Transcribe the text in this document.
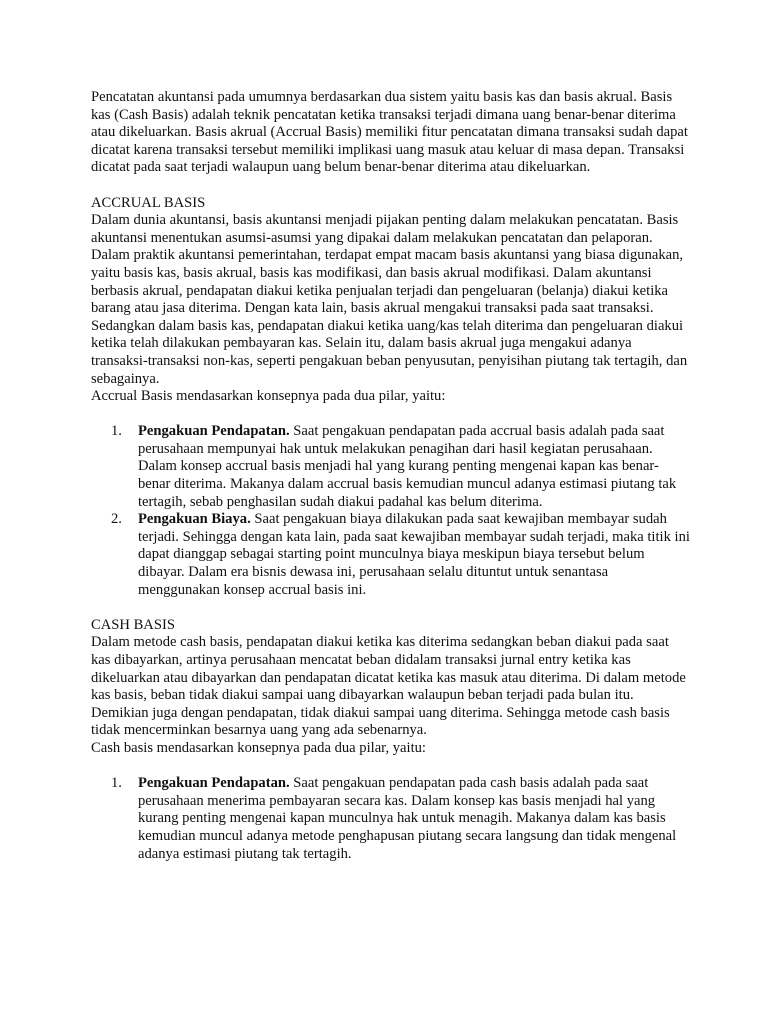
Pencatatan akuntansi pada umumnya berdasarkan dua sistem yaitu basis kas dan basis akrual. Basis kas (Cash Basis) adalah teknik pencatatan ketika transaksi terjadi dimana uang benar-benar diterima atau dikeluarkan. Basis akrual (Accrual Basis) memiliki fitur pencatatan dimana transaksi sudah dapat dicatat karena transaksi tersebut memiliki implikasi uang masuk atau keluar di masa depan. Transaksi dicatat pada saat terjadi walaupun uang belum benar-benar diterima atau dikeluarkan.

ACCRUAL BASIS

Dalam dunia akuntansi, basis akuntansi menjadi pijakan penting dalam melakukan pencatatan. Basis akuntansi menentukan asumsi-asumsi yang dipakai dalam melakukan pencatatan dan pelaporan. Dalam praktik akuntansi pemerintahan, terdapat empat macam basis akuntansi yang biasa digunakan, yaitu basis kas, basis akrual, basis kas modifikasi, dan basis akrual modifikasi. Dalam akuntansi berbasis akrual, pendapatan diakui ketika penjualan terjadi dan pengeluaran (belanja) diakui ketika barang atau jasa diterima. Dengan kata lain, basis akrual mengakui transaksi pada saat transaksi. Sedangkan dalam basis kas, pendapatan diakui ketika uang/kas telah diterima dan pengeluaran diakui ketika telah dilakukan pembayaran kas. Selain itu, dalam basis akrual juga mengakui adanya transaksi-transaksi non-kas, seperti pengakuan beban penyusutan, penyisihan piutang tak tertagih, dan sebagainya.

Accrual Basis mendasarkan konsepnya pada dua pilar, yaitu:

1. Pengakuan Pendapatan. Saat pengakuan pendapatan pada accrual basis adalah pada saat perusahaan mempunyai hak untuk melakukan penagihan dari hasil kegiatan perusahaan. Dalam konsep accrual basis menjadi hal yang kurang penting mengenai kapan kas benar-benar diterima. Makanya dalam accrual basis kemudian muncul adanya estimasi piutang tak tertagih, sebab penghasilan sudah diakui padahal kas belum diterima.
2. Pengakuan Biaya. Saat pengakuan biaya dilakukan pada saat kewajiban membayar sudah terjadi. Sehingga dengan kata lain, pada saat kewajiban membayar sudah terjadi, maka titik ini dapat dianggap sebagai starting point munculnya biaya meskipun biaya tersebut belum dibayar. Dalam era bisnis dewasa ini, perusahaan selalu dituntut untuk senantasa menggunakan konsep accrual basis ini.

CASH BASIS

Dalam metode cash basis, pendapatan diakui ketika kas diterima sedangkan beban diakui pada saat kas dibayarkan, artinya perusahaan mencatat beban didalam transaksi jurnal entry ketika kas dikeluarkan atau dibayarkan dan pendapatan dicatat ketika kas masuk atau diterima. Di dalam metode kas basis, beban tidak diakui sampai uang dibayarkan walaupun beban terjadi pada bulan itu. Demikian juga dengan pendapatan, tidak diakui sampai uang diterima. Sehingga metode cash basis tidak mencerminkan besarnya uang yang ada sebenarnya.

Cash basis mendasarkan konsepnya pada dua pilar, yaitu:

1. Pengakuan Pendapatan. Saat pengakuan pendapatan pada cash basis adalah pada saat perusahaan menerima pembayaran secara kas. Dalam konsep kas basis menjadi hal yang kurang penting mengenai kapan munculnya hak untuk menagih. Makanya dalam kas basis kemudian muncul adanya metode penghapusan piutang secara langsung dan tidak mengenal adanya estimasi piutang tak tertagih.
